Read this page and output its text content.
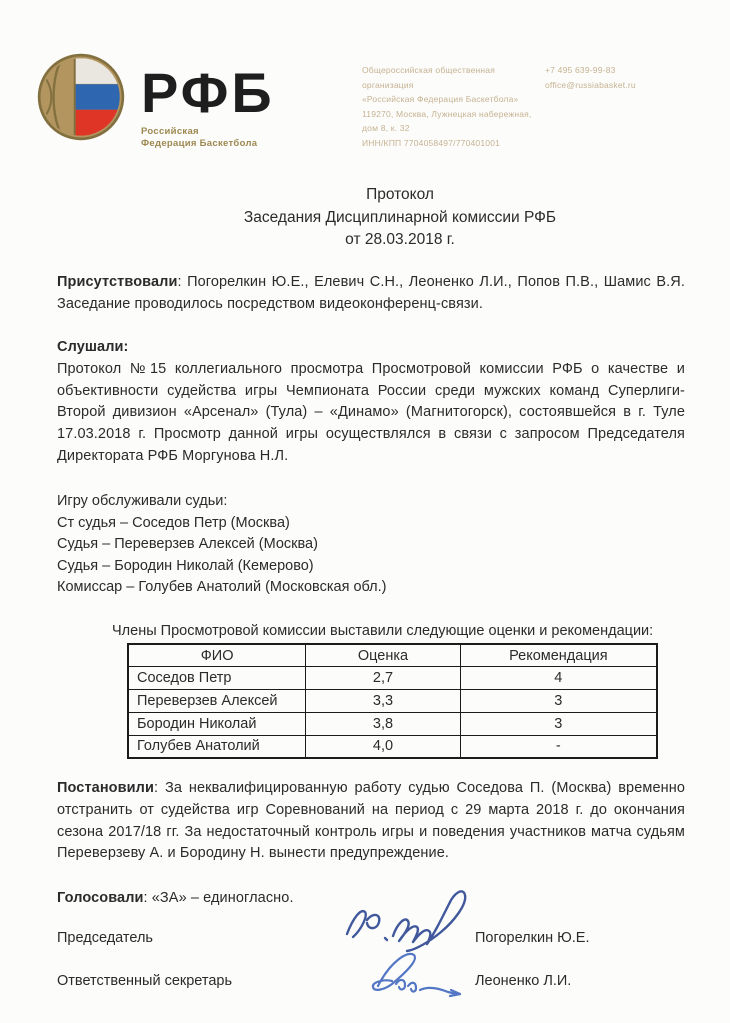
РФБ
Российская
Федерация Баскетбола
Общероссийская общественная организация
«Российская Федерация Баскетбола»
119270, Москва, Лужнецкая набережная, дом 8, к. 32
ИНН/КПП 7704058497/770401001
+7 495 639-99-83
office@russiabasket.ru
Протокол
Заседания Дисциплинарной комиссии РФБ
от 28.03.2018 г.

Присутствовали: Погорелкин Ю.Е., Елевич С.Н., Леоненко Л.И., Попов П.В., Шамис В.Я. Заседание проводилось посредством видеоконференц-связи.

Слушали:
Протокол №15 коллегиального просмотра Просмотровой комиссии РФБ о качестве и объективности судейства игры Чемпионата России среди мужских команд Суперлиги-Второй дивизион «Арсенал» (Тула) – «Динамо» (Магнитогорск), состоявшейся в г. Туле 17.03.2018 г. Просмотр данной игры осуществлялся в связи с запросом Председателя Директората РФБ Моргунова Н.Л.
Игру обслуживали судьи:
Ст судья – Соседов Петр (Москва)
Судья – Переверзев Алексей (Москва)
Судья – Бородин Николай (Кемерово)
Комиссар – Голубев Анатолий (Московская обл.)
Члены Просмотровой комиссии выставили следующие оценки и рекомендации:
ФИО	Оценка	Рекомендация
Соседов Петр	2,7	4
Переверзев Алексей	3,3	3
Бородин Николай	3,8	3
Голубев Анатолий	4,0	-

Постановили: За неквалифицированную работу судью Соседова П. (Москва) временно отстранить от судейства игр Соревнований на период с 29 марта 2018 г. до окончания сезона 2017/18 гг. За недостаточный контроль игры и поведения участников матча судьям Переверзеву А. и Бородину Н. вынести предупреждение.

Голосовали: «ЗА» – единогласно.

Председатель	Погорелкин Ю.Е.
Ответственный секретарь	Леоненко Л.И.
